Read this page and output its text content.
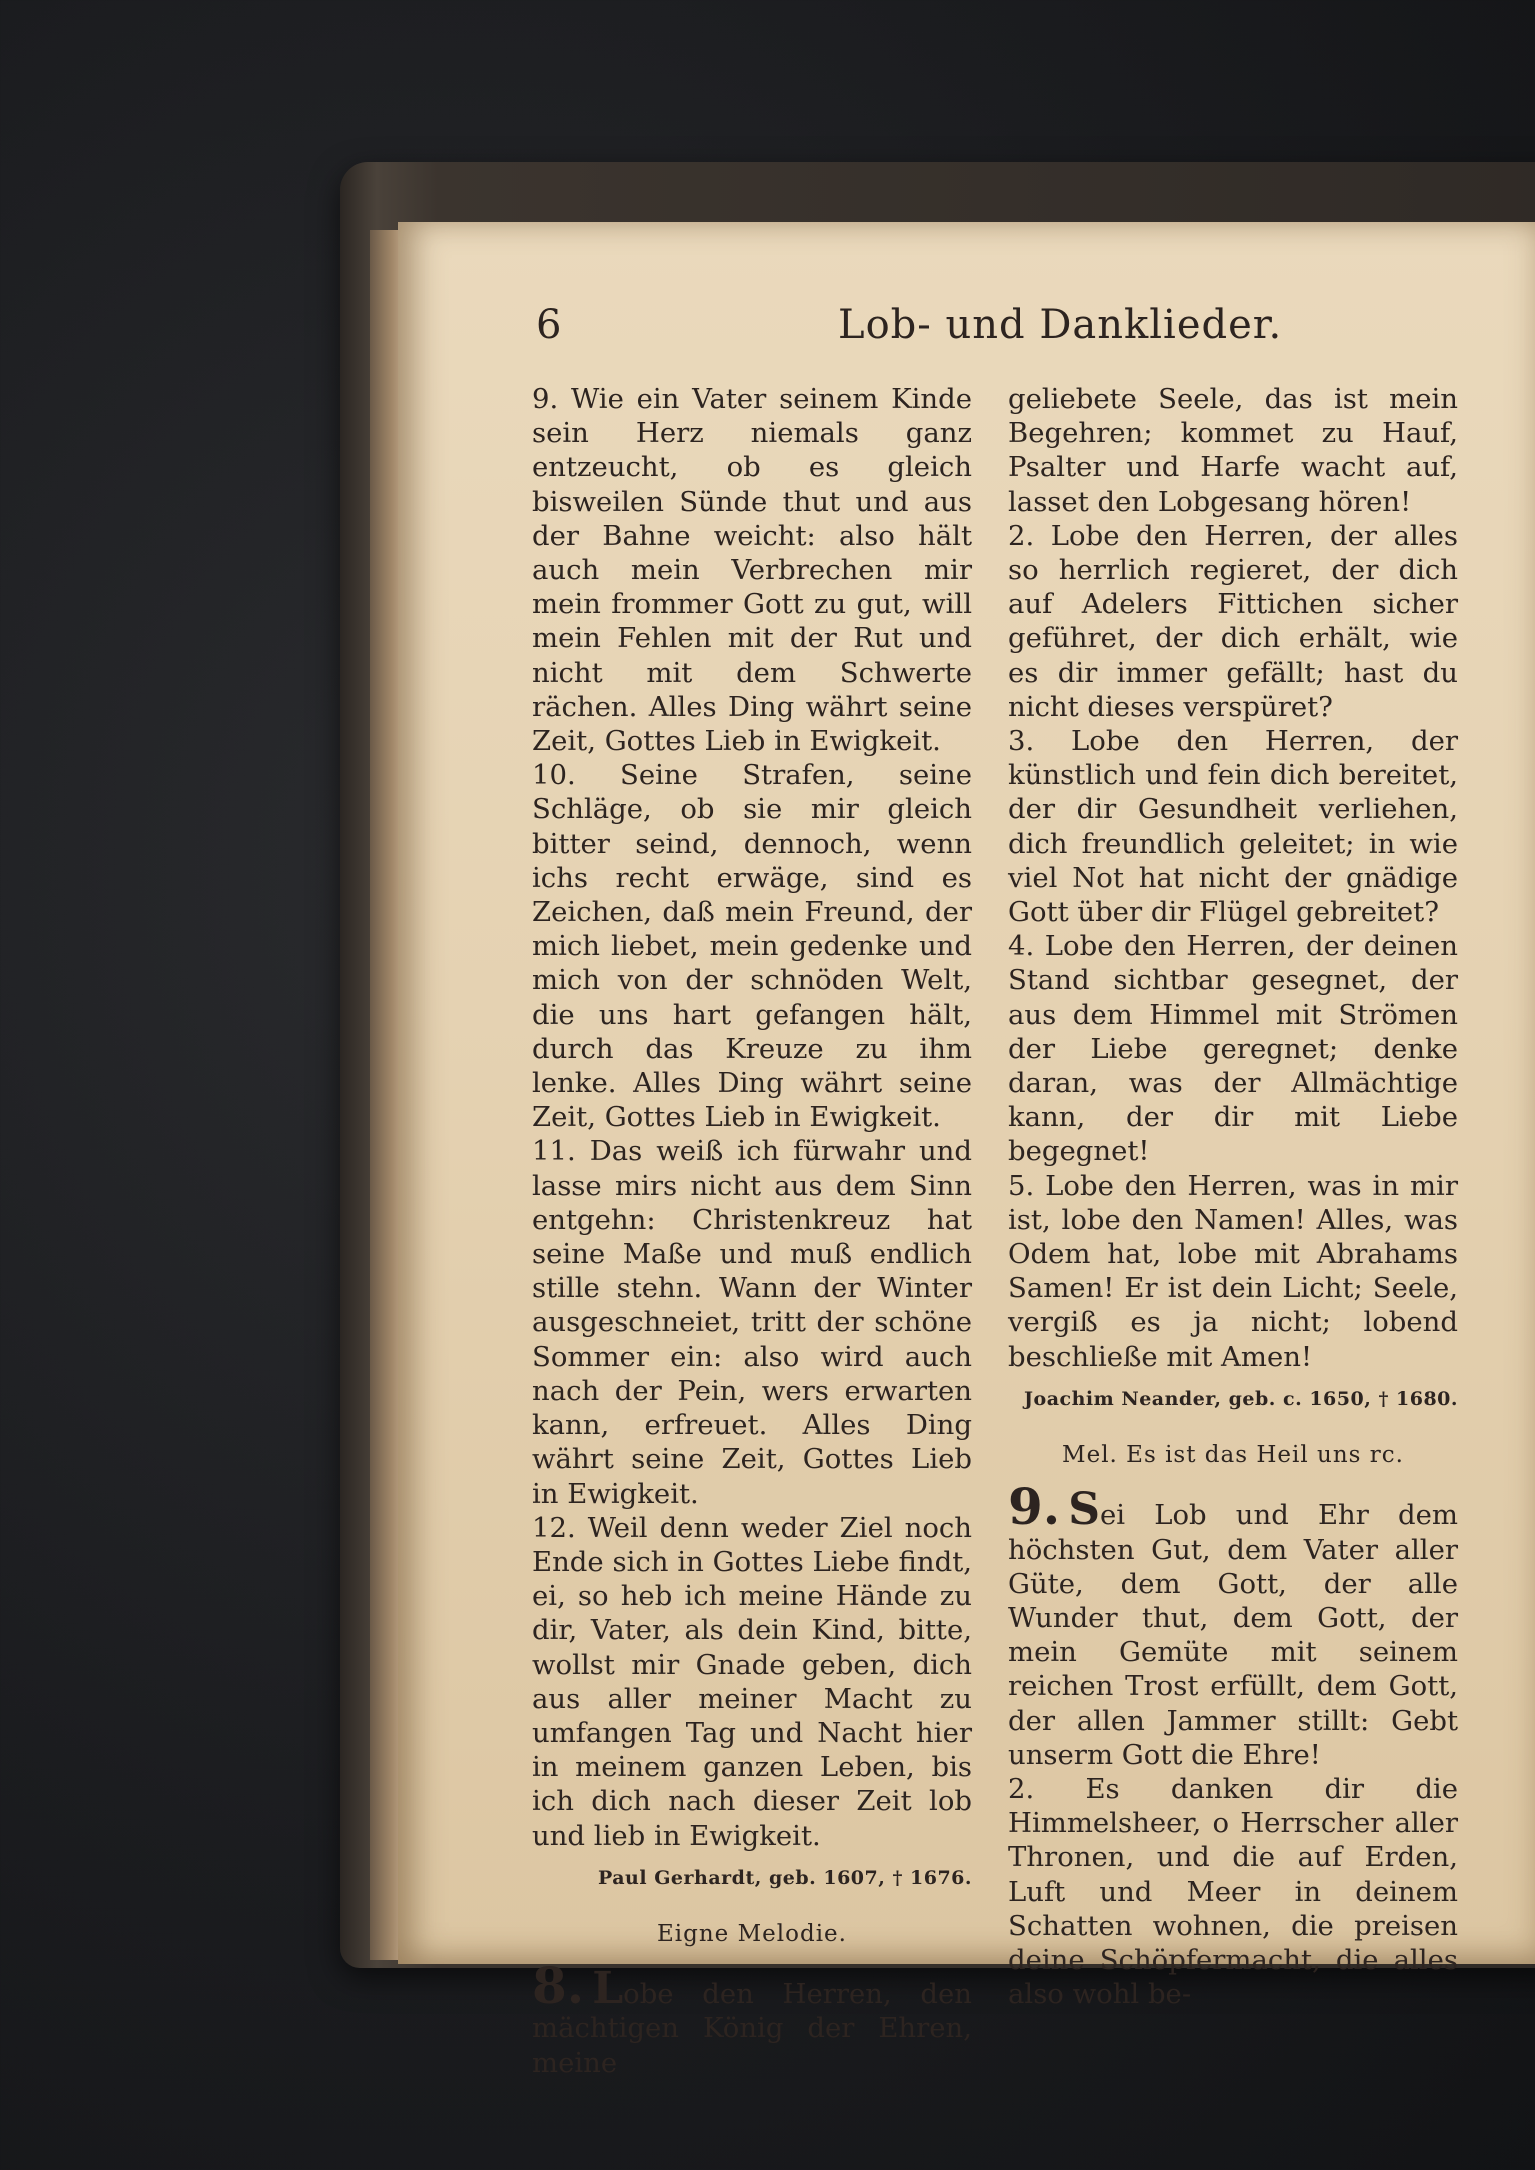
6	Lob- und Danklieder.

9. Wie ein Vater seinem Kinde sein Herz niemals ganz entzeucht, ob es gleich bisweilen Sünde thut und aus der Bahne weicht: also hält auch mein Verbrechen mir mein frommer Gott zu gut, will mein Fehlen mit der Rut und nicht mit dem Schwerte rächen. Alles Ding währt seine Zeit, Gottes Lieb in Ewigkeit.

10. Seine Strafen, seine Schläge, ob sie mir gleich bitter seind, dennoch, wenn ichs recht erwäge, sind es Zeichen, daß mein Freund, der mich liebet, mein gedenke und mich von der schnöden Welt, die uns hart gefangen hält, durch das Kreuze zu ihm lenke. Alles Ding währt seine Zeit, Gottes Lieb in Ewigkeit.

11. Das weiß ich fürwahr und lasse mirs nicht aus dem Sinn entgehn: Christenkreuz hat seine Maße und muß endlich stille stehn. Wann der Winter ausgeschneiet, tritt der schöne Sommer ein: also wird auch nach der Pein, wers erwarten kann, erfreuet. Alles Ding währt seine Zeit, Gottes Lieb in Ewigkeit.

12. Weil denn weder Ziel noch Ende sich in Gottes Liebe findt, ei, so heb ich meine Hände zu dir, Vater, als dein Kind, bitte, wollst mir Gnade geben, dich aus aller meiner Macht zu umfangen Tag und Nacht hier in meinem ganzen Leben, bis ich dich nach dieser Zeit lob und lieb in Ewigkeit.

Paul Gerhardt, geb. 1607, † 1676.

Eigne Melodie.

8. Lobe den Herren, den mächtigen König der Ehren, meine

geliebete Seele, das ist mein Begehren; kommet zu Hauf, Psalter und Harfe wacht auf, lasset den Lobgesang hören!

2. Lobe den Herren, der alles so herrlich regieret, der dich auf Adelers Fittichen sicher geführet, der dich erhält, wie es dir immer gefällt; hast du nicht dieses verspüret?

3. Lobe den Herren, der künstlich und fein dich bereitet, der dir Gesundheit verliehen, dich freundlich geleitet; in wie viel Not hat nicht der gnädige Gott über dir Flügel gebreitet?

4. Lobe den Herren, der deinen Stand sichtbar gesegnet, der aus dem Himmel mit Strömen der Liebe geregnet; denke daran, was der Allmächtige kann, der dir mit Liebe begegnet!

5. Lobe den Herren, was in mir ist, lobe den Namen! Alles, was Odem hat, lobe mit Abrahams Samen! Er ist dein Licht; Seele, vergiß es ja nicht; lobend beschließe mit Amen!

Joachim Neander, geb. c. 1650, † 1680.

Mel. Es ist das Heil uns rc.

9. Sei Lob und Ehr dem höchsten Gut, dem Vater aller Güte, dem Gott, der alle Wunder thut, dem Gott, der mein Gemüte mit seinem reichen Trost erfüllt, dem Gott, der allen Jammer stillt: Gebt unserm Gott die Ehre!

2. Es danken dir die Himmelsheer, o Herrscher aller Thronen, und die auf Erden, Luft und Meer in deinem Schatten wohnen, die preisen deine Schöpfermacht, die alles also wohl be-
